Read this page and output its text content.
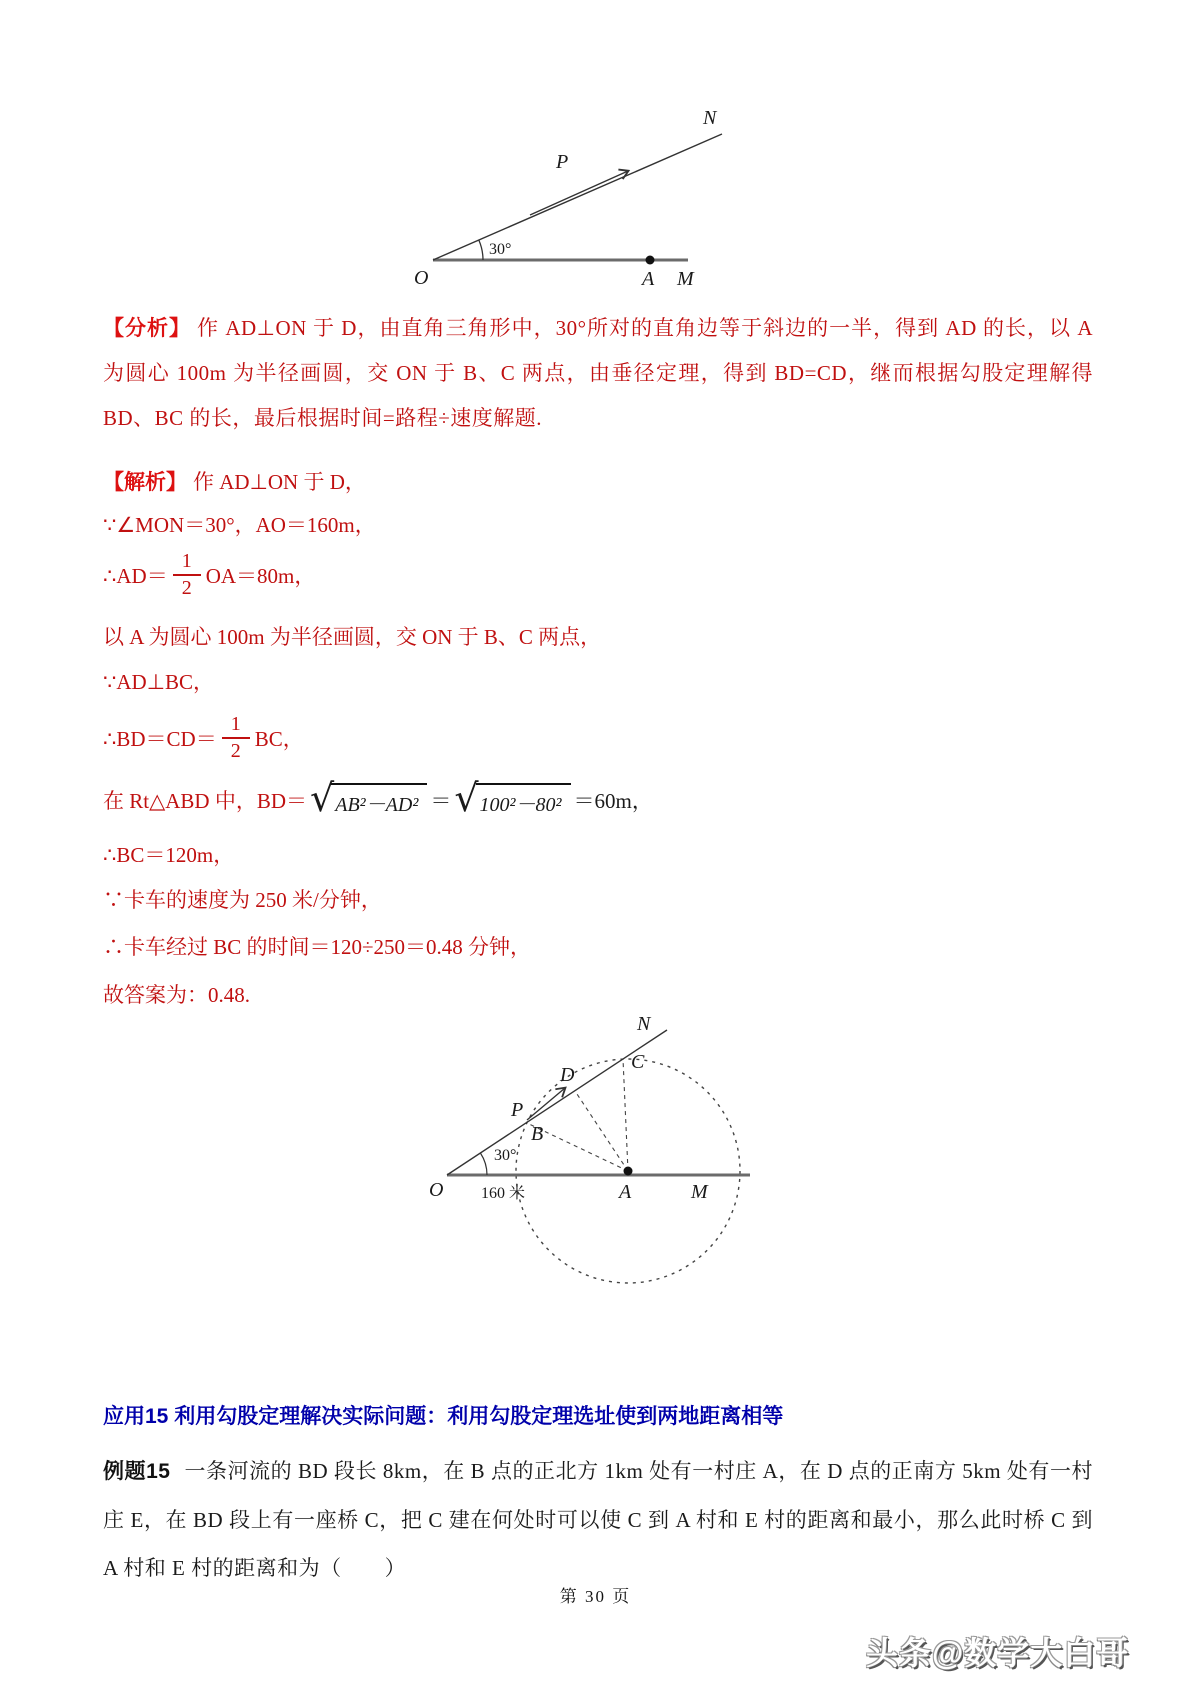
N
P
30°
O	A M

【分析】 作 AD⊥ON 于 D，由直角三角形中，30°所对的直角边等于斜边的一半，得到 AD 的长，以 A 为圆心 100m 为半径画圆，交 ON 于 B、C 两点，由垂径定理，得到 BD=CD，继而根据勾股定理解得 BD、BC 的长，最后根据时间=路程÷速度解题.

【解析】 作 AD⊥ON 于 D，
∵∠MON＝30°，AO＝160m，
∴AD＝ $\frac{1}{2} OA=80m$，
以 A 为圆心 100m 为半径画圆，交 ON 于 B、C 两点，
∵AD⊥BC，
∴BD＝CD＝ $\frac{1}{2}$ BC，
在 Rt△ABD 中，BD＝ √ AB²－AD² ＝ √ 100²－80² ＝60m，
∴BC＝120m，
∵卡车的速度为 250 米/分钟，
∴卡车经过 BC 的时间＝120÷250＝0.48 分钟，
故答案为：0.48.
N
C
D
P
B
30°
O 160 米	A	M
应用15 利用勾股定理解决实际问题：利用勾股定理选址使到两地距离相等

例题15 一条河流的 BD 段长 8km，在 B 点的正北方 1km 处有一村庄 A，在 D 点的正南方 5km 处有一村庄 E，在 BD 段上有一座桥 C，把 C 建在何处时可以使 C 到 A 村和 E 村的距离和最小，那么此时桥 C 到 A 村和 E 村的距离和为（　　）

第 30 页
头条@数学大白哥
